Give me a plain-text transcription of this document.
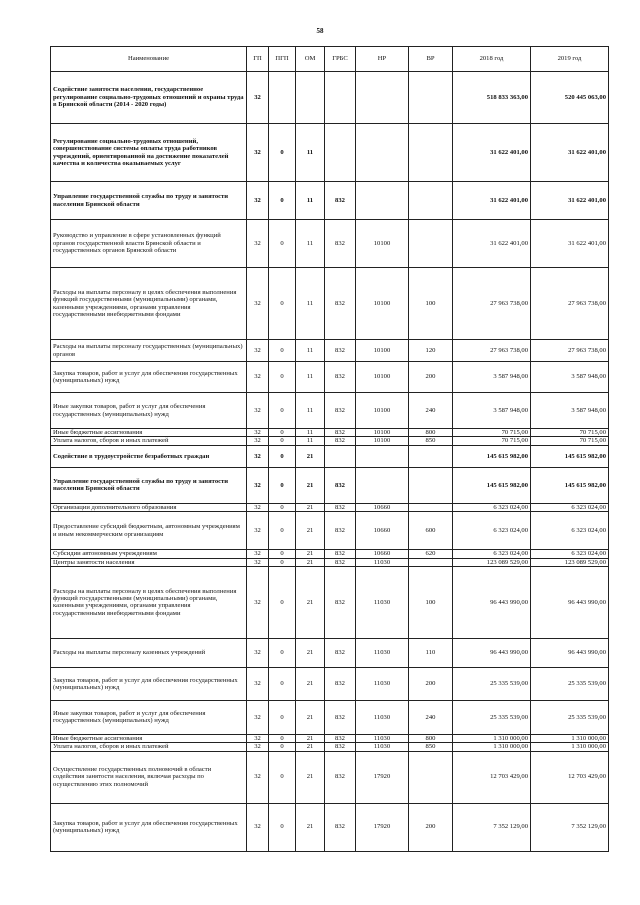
58
Наименование	ГП	ПГП	ОМ	ГРБС	НР	ВР	2018 год	2019 год
Содействие занятости населения, государственное регулирование социально-трудовых отношений и охраны труда в Брянской области (2014 - 2020 годы)	32						518 833 363,00	520 445 063,00
Регулирование социально-трудовых отношений, совершенствование системы оплаты труда работников учреждений, ориентированной на достижение показателей качества и количества оказываемых услуг	32	0	11				31 622 401,00	31 622 401,00
Управление государственной службы по труду и занятости населения Брянской области	32	0	11	832			31 622 401,00	31 622 401,00
Руководство и управление в сфере установленных функций органов государственной власти Брянской области и государственных органов Брянской области	32	0	11	832	10100		31 622 401,00	31 622 401,00
Расходы на выплаты персоналу в целях обеспечения выполнения функций государственными (муниципальными) органами, казенными учреждениями, органами управления государственными внебюджетными фондами	32	0	11	832	10100	100	27 963 738,00	27 963 738,00
Расходы на выплаты персоналу государственных (муниципальных) органов	32	0	11	832	10100	120	27 963 738,00	27 963 738,00
Закупка товаров, работ и услуг для обеспечения государственных (муниципальных) нужд	32	0	11	832	10100	200	3 587 948,00	3 587 948,00
Иные закупки товаров, работ и услуг для обеспечения государственных (муниципальных) нужд	32	0	11	832	10100	240	3 587 948,00	3 587 948,00
Иные бюджетные ассигнования	32	0	11	832	10100	800	70 715,00	70 715,00
Уплата налогов, сборов и иных платежей	32	0	11	832	10100	850	70 715,00	70 715,00
Содействие в трудоустройстве безработных граждан	32	0	21				145 615 982,00	145 615 982,00
Управление государственной службы по труду и занятости населения Брянской области	32	0	21	832			145 615 982,00	145 615 982,00
Организации дополнительного образования	32	0	21	832	10660		6 323 024,00	6 323 024,00
Предоставление субсидий бюджетным, автономным учреждениям и иным некоммерческим организациям	32	0	21	832	10660	600	6 323 024,00	6 323 024,00
Субсидии автономным учреждениям	32	0	21	832	10660	620	6 323 024,00	6 323 024,00
Центры занятости населения	32	0	21	832	11030		123 089 529,00	123 089 529,00
Расходы на выплаты персоналу в целях обеспечения выполнения функций государственными (муниципальными) органами, казенными учреждениями, органами управления государственными внебюджетными фондами	32	0	21	832	11030	100	96 443 990,00	96 443 990,00
Расходы на выплаты персоналу казенных учреждений	32	0	21	832	11030	110	96 443 990,00	96 443 990,00
Закупка товаров, работ и услуг для обеспечения государственных (муниципальных) нужд	32	0	21	832	11030	200	25 335 539,00	25 335 539,00
Иные закупки товаров, работ и услуг для обеспечения государственных (муниципальных) нужд	32	0	21	832	11030	240	25 335 539,00	25 335 539,00
Иные бюджетные ассигнования	32	0	21	832	11030	800	1 310 000,00	1 310 000,00
Уплата налогов, сборов и иных платежей	32	0	21	832	11030	850	1 310 000,00	1 310 000,00
Осуществление государственных полномочий в области содействия занятости населения, включая расходы по осуществлению этих полномочий	32	0	21	832	17920		12 703 429,00	12 703 429,00
Закупка товаров, работ и услуг для обеспечения государственных (муниципальных) нужд	32	0	21	832	17920	200	7 352 129,00	7 352 129,00
